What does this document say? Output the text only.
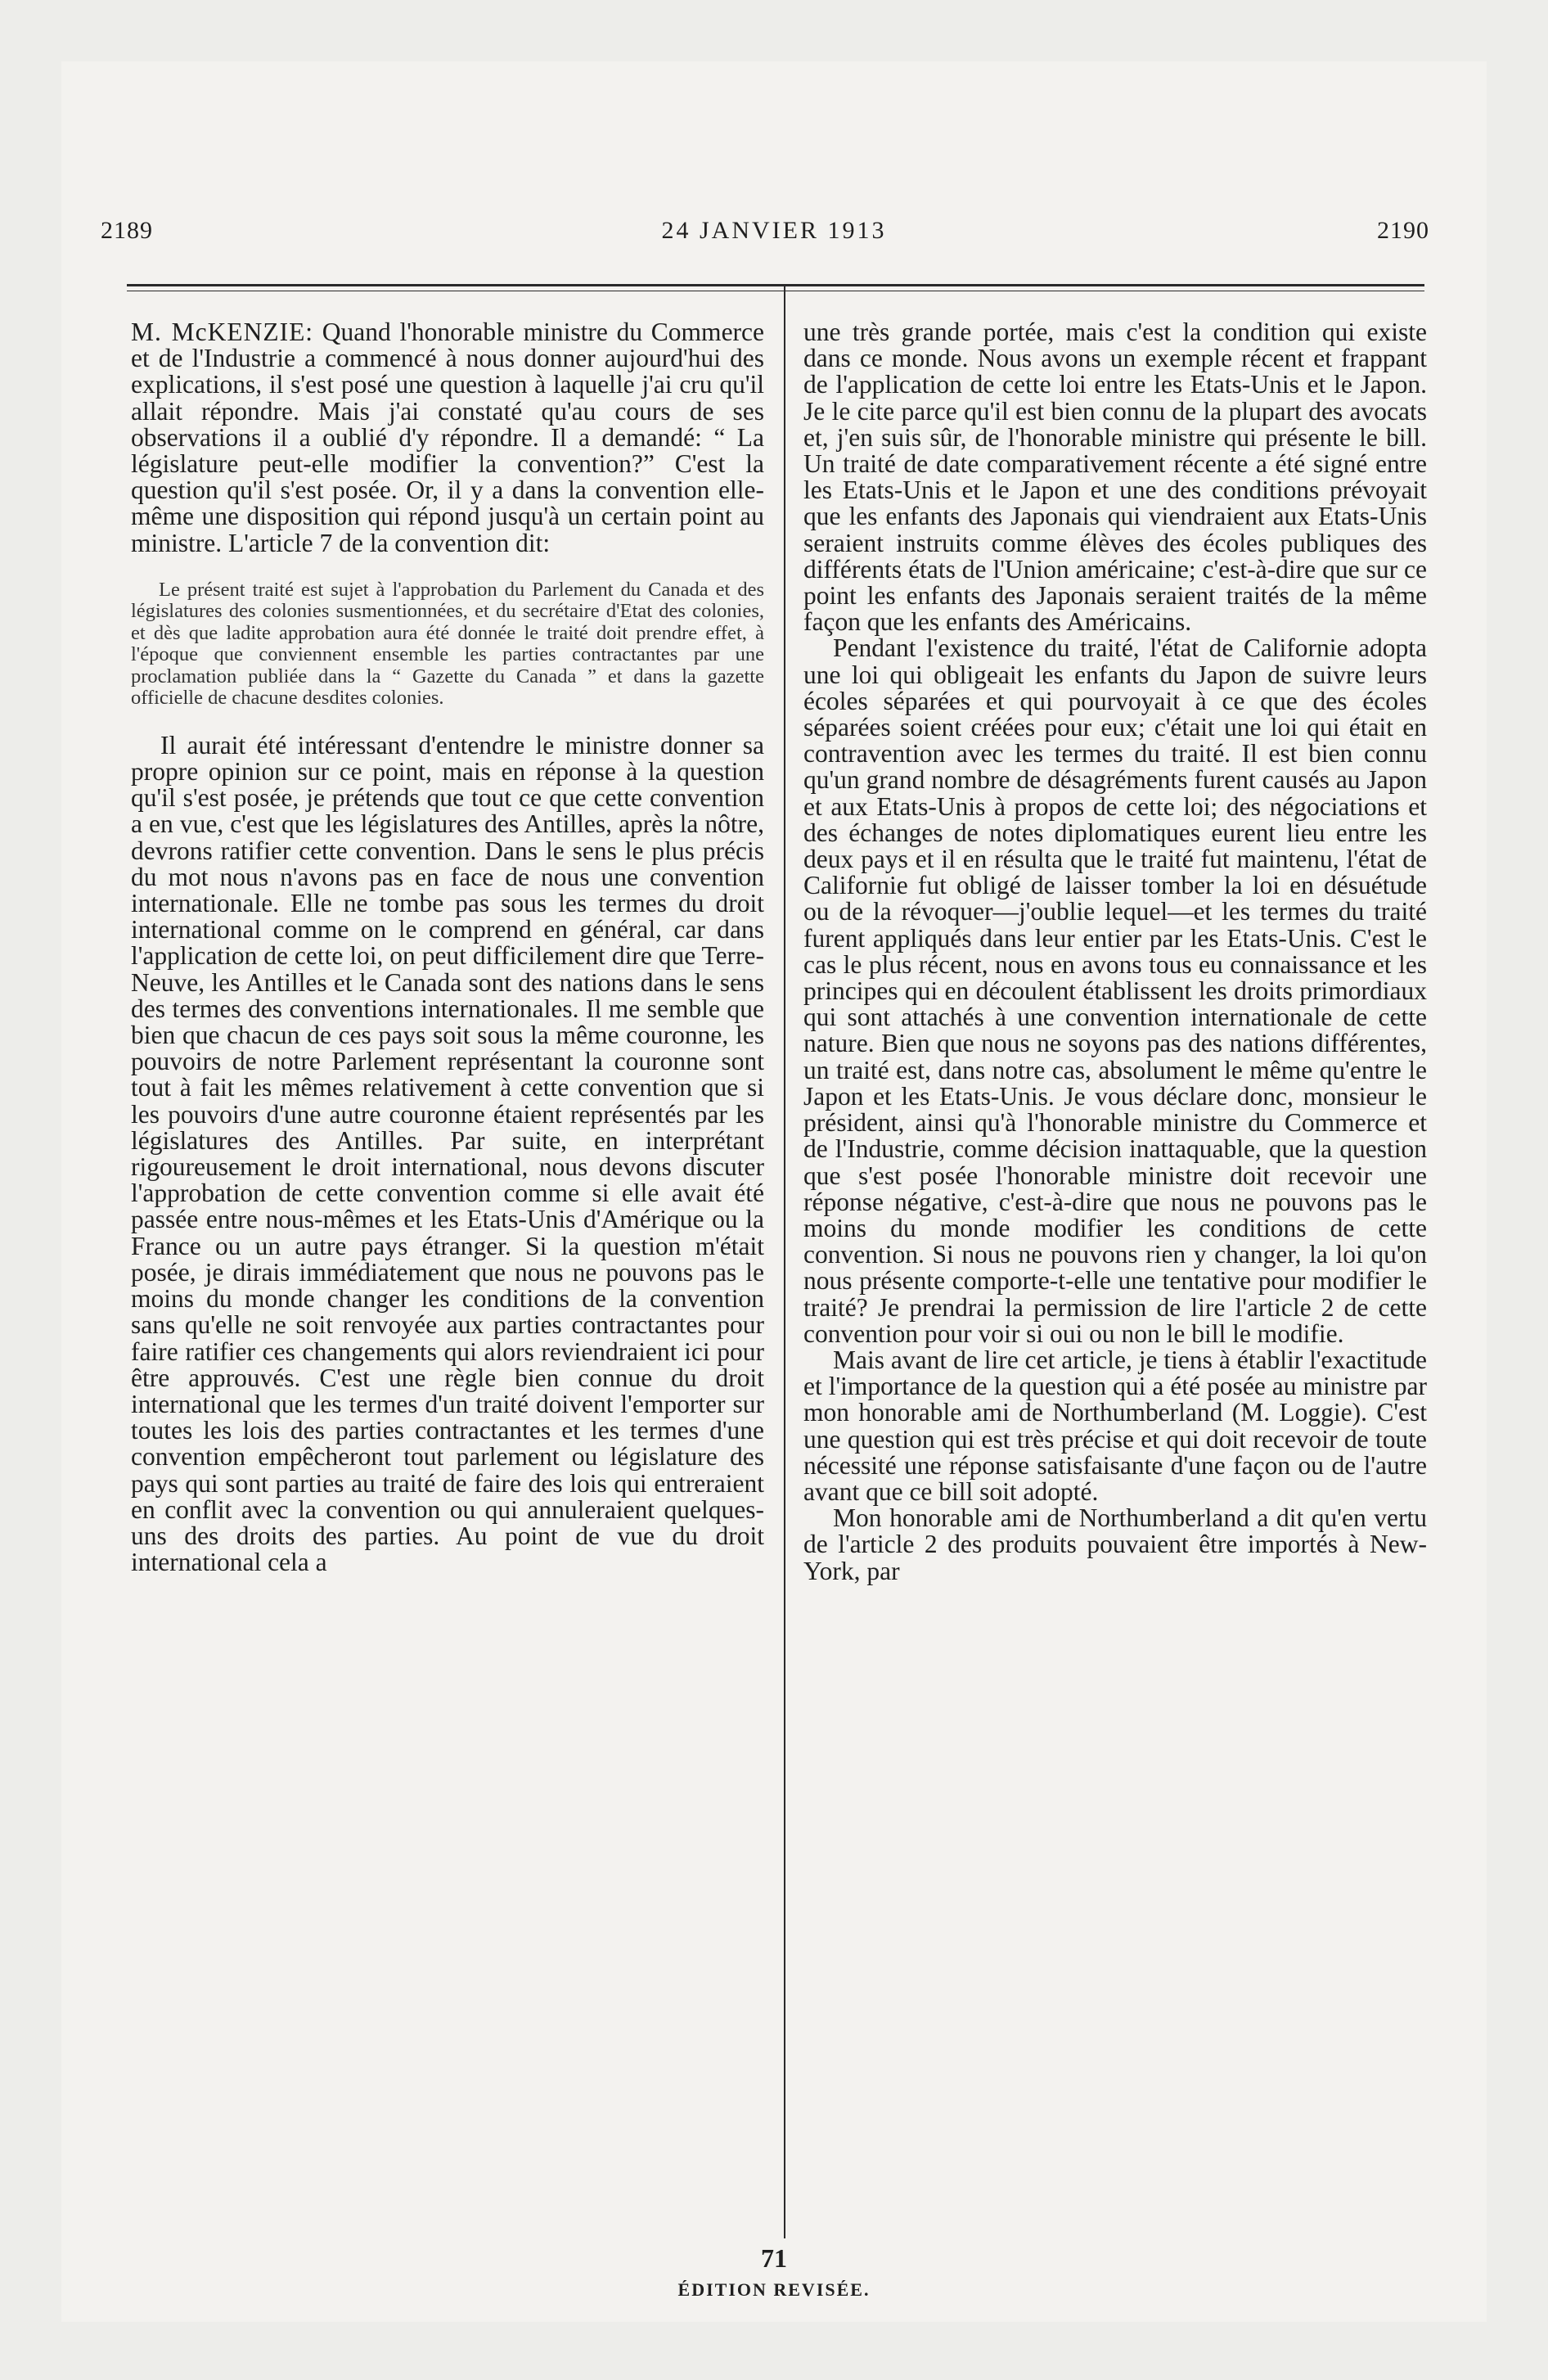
24 JANVIER 1913
2189	2190

M. McKENZIE: Quand l'honorable ministre du Commerce et de l'Industrie a commencé à nous donner aujourd'hui des explications, il s'est posé une question à laquelle j'ai cru qu'il allait répondre. Mais j'ai constaté qu'au cours de ses observations il a oublié d'y répondre. Il a demandé: “ La législature peut-elle modifier la convention?” C'est la question qu'il s'est posée. Or, il y a dans la convention elle-même une disposition qui répond jusqu'à un certain point au ministre. L'article 7 de la convention dit:

Le présent traité est sujet à l'approbation du Parlement du Canada et des législatures des colonies susmentionnées, et du secrétaire d'Etat des colonies, et dès que ladite approbation aura été donnée le traité doit prendre effet, à l'époque que conviennent ensemble les parties contractantes par une proclamation publiée dans la “ Gazette du Canada ” et dans la gazette officielle de chacune desdites colonies.

Il aurait été intéressant d'entendre le ministre donner sa propre opinion sur ce point, mais en réponse à la question qu'il s'est posée, je prétends que tout ce que cette convention a en vue, c'est que les législatures des Antilles, après la nôtre, devrons ratifier cette convention. Dans le sens le plus précis du mot nous n'avons pas en face de nous une convention internationale. Elle ne tombe pas sous les termes du droit international comme on le comprend en général, car dans l'application de cette loi, on peut difficilement dire que Terre-Neuve, les Antilles et le Canada sont des nations dans le sens des termes des conventions internationales. Il me semble que bien que chacun de ces pays soit sous la même couronne, les pouvoirs de notre Parlement représentant la couronne sont tout à fait les mêmes relativement à cette convention que si les pouvoirs d'une autre couronne étaient représentés par les législatures des Antilles. Par suite, en interprétant rigoureusement le droit international, nous devons discuter l'approbation de cette convention comme si elle avait été passée entre nous-mêmes et les Etats-Unis d'Amérique ou la France ou un autre pays étranger. Si la question m'était posée, je dirais immédiatement que nous ne pouvons pas le moins du monde changer les conditions de la convention sans qu'elle ne soit renvoyée aux parties contractantes pour faire ratifier ces changements qui alors reviendraient ici pour être approuvés. C'est une règle bien connue du droit international que les termes d'un traité doivent l'emporter sur toutes les lois des parties contractantes et les termes d'une convention empêcheront tout parlement ou législature des pays qui sont parties au traité de faire des lois qui entreraient en conflit avec la convention ou qui annuleraient quelques-uns des droits des parties. Au point de vue du droit international cela a

une très grande portée, mais c'est la condition qui existe dans ce monde. Nous avons un exemple récent et frappant de l'application de cette loi entre les Etats-Unis et le Japon. Je le cite parce qu'il est bien connu de la plupart des avocats et, j'en suis sûr, de l'honorable ministre qui présente le bill. Un traité de date comparativement récente a été signé entre les Etats-Unis et le Japon et une des conditions prévoyait que les enfants des Japonais qui viendraient aux Etats-Unis seraient instruits comme élèves des écoles publiques des différents états de l'Union américaine; c'est-à-dire que sur ce point les enfants des Japonais seraient traités de la même façon que les enfants des Américains.

Pendant l'existence du traité, l'état de Californie adopta une loi qui obligeait les enfants du Japon de suivre leurs écoles séparées et qui pourvoyait à ce que des écoles séparées soient créées pour eux; c'était une loi qui était en contravention avec les termes du traité. Il est bien connu qu'un grand nombre de désagréments furent causés au Japon et aux Etats-Unis à propos de cette loi; des négociations et des échanges de notes diplomatiques eurent lieu entre les deux pays et il en résulta que le traité fut maintenu, l'état de Californie fut obligé de laisser tomber la loi en désuétude ou de la révoquer—j'oublie lequel—et les termes du traité furent appliqués dans leur entier par les Etats-Unis. C'est le cas le plus récent, nous en avons tous eu connaissance et les principes qui en découlent établissent les droits primordiaux qui sont attachés à une convention internationale de cette nature. Bien que nous ne soyons pas des nations différentes, un traité est, dans notre cas, absolument le même qu'entre le Japon et les Etats-Unis. Je vous déclare donc, monsieur le président, ainsi qu'à l'honorable ministre du Commerce et de l'Industrie, comme décision inattaquable, que la question que s'est posée l'honorable ministre doit recevoir une réponse négative, c'est-à-dire que nous ne pouvons pas le moins du monde modifier les conditions de cette convention. Si nous ne pouvons rien y changer, la loi qu'on nous présente comporte-t-elle une tentative pour modifier le traité? Je prendrai la permission de lire l'article 2 de cette convention pour voir si oui ou non le bill le modifie.

Mais avant de lire cet article, je tiens à établir l'exactitude et l'importance de la question qui a été posée au ministre par mon honorable ami de Northumberland (M. Loggie). C'est une question qui est très précise et qui doit recevoir de toute nécessité une réponse satisfaisante d'une façon ou de l'autre avant que ce bill soit adopté.

Mon honorable ami de Northumberland a dit qu'en vertu de l'article 2 des produits pouvaient être importés à New-York, par

71
ÉDITION REVISÉE.
